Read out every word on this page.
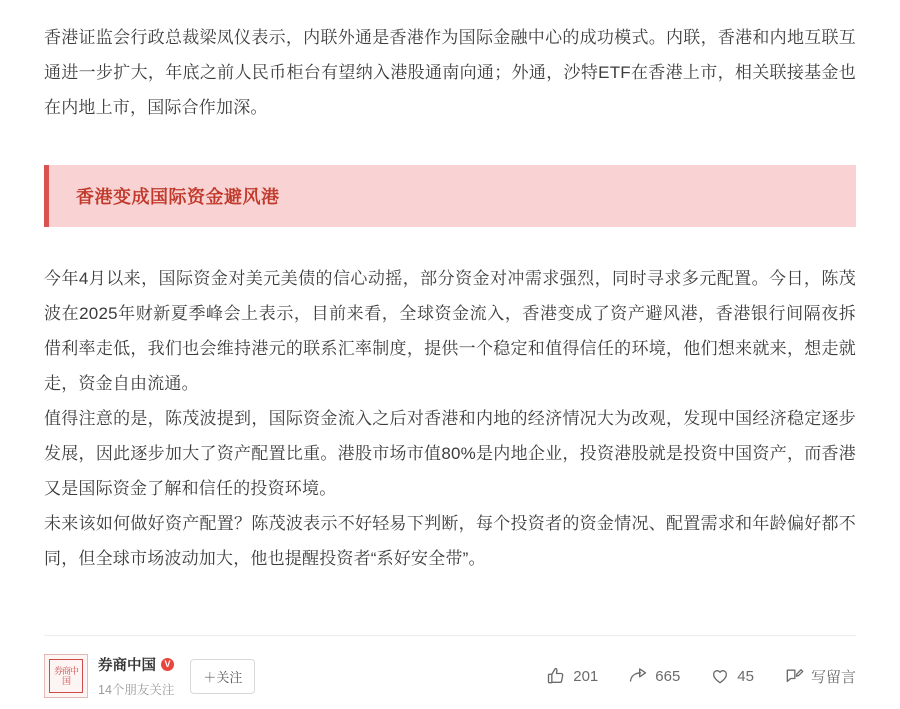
香港证监会行政总裁梁凤仪表示，内联外通是香港作为国际金融中心的成功模式。内联，香港和内地互联互通进一步扩大，年底之前人民币柜台有望纳入港股通南向通；外通，沙特ETF在香港上市，相关联接基金也在内地上市，国际合作加深。

香港变成国际资金避风港

今年4月以来，国际资金对美元美债的信心动摇，部分资金对冲需求强烈，同时寻求多元配置。今日，陈茂波在2025年财新夏季峰会上表示，目前来看，全球资金流入，香港变成了资产避风港，香港银行间隔夜拆借利率走低，我们也会维持港元的联系汇率制度，提供一个稳定和值得信任的环境，他们想来就来，想走就走，资金自由流通。

值得注意的是，陈茂波提到，国际资金流入之后对香港和内地的经济情况大为改观，发现中国经济稳定逐步发展，因此逐步加大了资产配置比重。港股市场市值80%是内地企业，投资港股就是投资中国资产，而香港又是国际资金了解和信任的投资环境。

未来该如何做好资产配置？陈茂波表示不好轻易下判断，每个投资者的资金情况、配置需求和年龄偏好都不同，但全球市场波动加大，他也提醒投资者“系好安全带”。

券商中国
券商中国 V
14个朋友关注
＋关注	201	665	45	写留言
